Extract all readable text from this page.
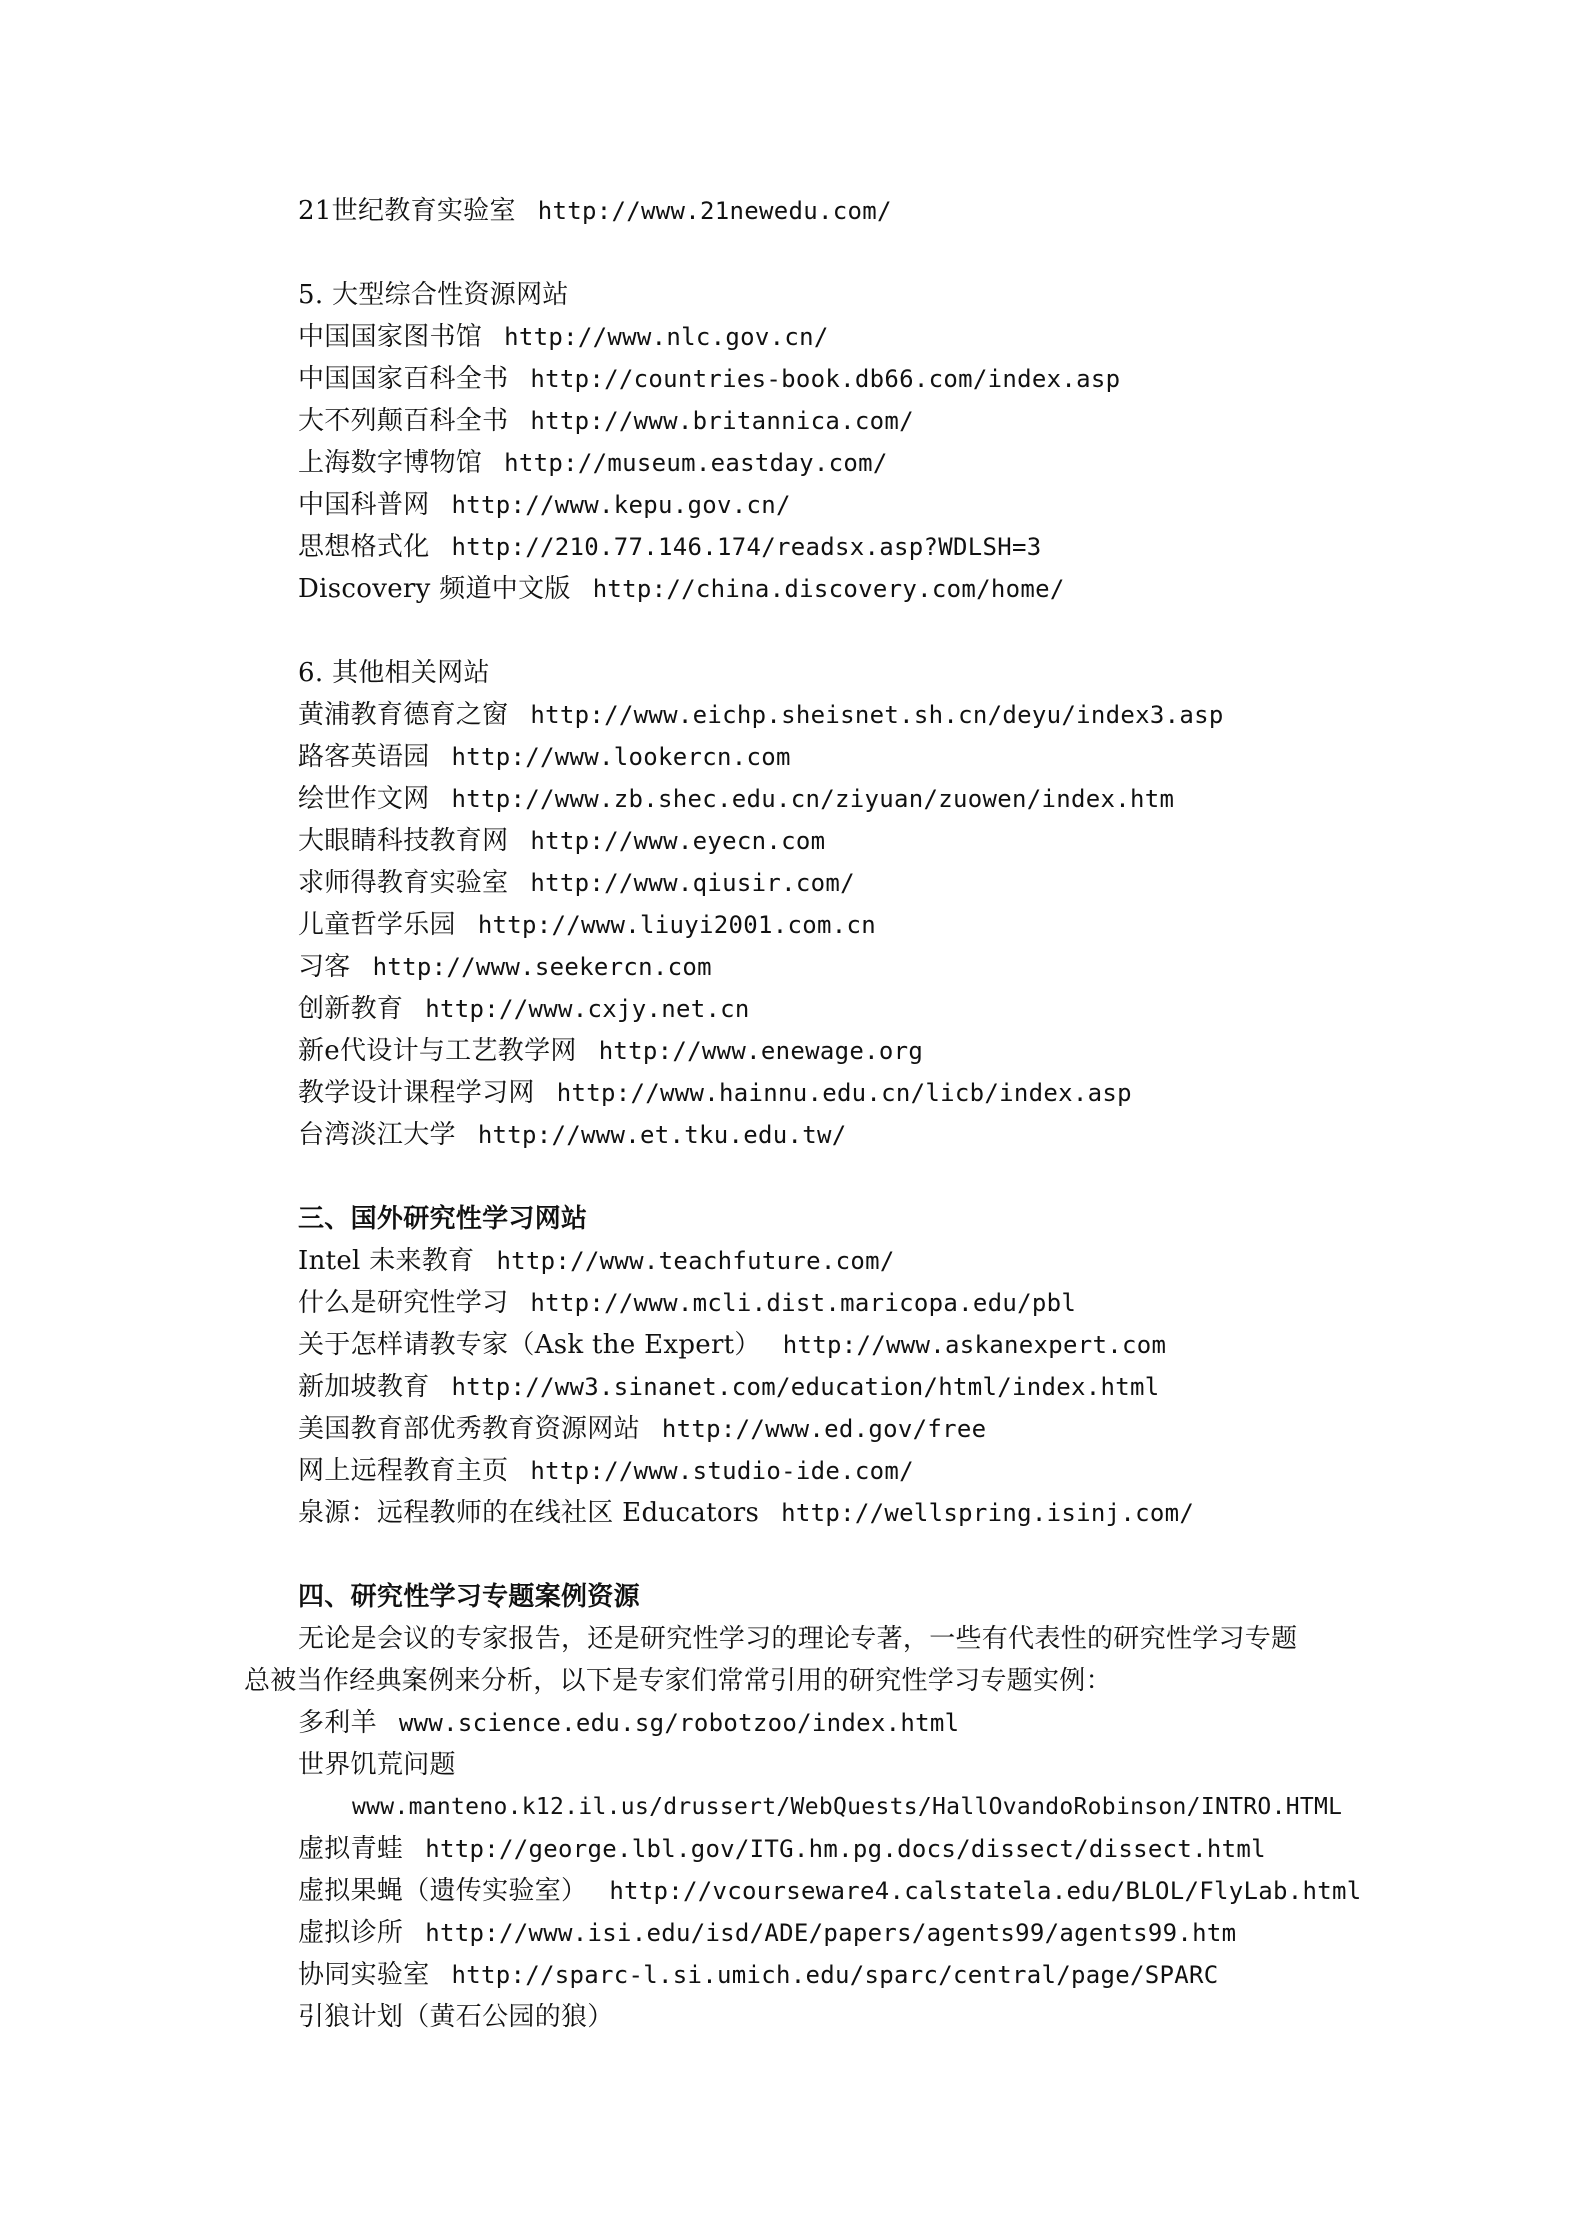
21世纪教育实验室 http://www.21newedu.com/
5. 大型综合性资源网站
中国国家图书馆 http://www.nlc.gov.cn/
中国国家百科全书 http://countries-book.db66.com/index.asp
大不列颠百科全书 http://www.britannica.com/
上海数字博物馆 http://museum.eastday.com/
中国科普网 http://www.kepu.gov.cn/
思想格式化 http://210.77.146.174/readsx.asp?WDLSH=3
Discovery 频道中文版 http://china.discovery.com/home/
6. 其他相关网站
黄浦教育德育之窗 http://www.eichp.sheisnet.sh.cn/deyu/index3.asp
路客英语园 http://www.lookercn.com
绘世作文网 http://www.zb.shec.edu.cn/ziyuan/zuowen/index.htm
大眼睛科技教育网 http://www.eyecn.com
求师得教育实验室 http://www.qiusir.com/
儿童哲学乐园 http://www.liuyi2001.com.cn
习客 http://www.seekercn.com
创新教育 http://www.cxjy.net.cn
新e代设计与工艺教学网 http://www.enewage.org
教学设计课程学习网 http://www.hainnu.edu.cn/licb/index.asp
台湾淡江大学 http://www.et.tku.edu.tw/
三、国外研究性学习网站
Intel 未来教育 http://www.teachfuture.com/
什么是研究性学习 http://www.mcli.dist.maricopa.edu/pbl
关于怎样请教专家（Ask the Expert） http://www.askanexpert.com
新加坡教育 http://ww3.sinanet.com/education/html/index.html
美国教育部优秀教育资源网站 http://www.ed.gov/free
网上远程教育主页 http://www.studio-ide.com/
泉源：远程教师的在线社区 Educators http://wellspring.isinj.com/
四、研究性学习专题案例资源
无论是会议的专家报告，还是研究性学习的理论专著，一些有代表性的研究性学习专题
总被当作经典案例来分析，以下是专家们常常引用的研究性学习专题实例：
多利羊 www.science.edu.sg/robotzoo/index.html
世界饥荒问题
www.manteno.k12.il.us/drussert/WebQuests/HallOvandoRobinson/INTRO.HTML
虚拟青蛙 http://george.lbl.gov/ITG.hm.pg.docs/dissect/dissect.html
虚拟果蝇（遗传实验室） http://vcourseware4.calstatela.edu/BLOL/FlyLab.html
虚拟诊所 http://www.isi.edu/isd/ADE/papers/agents99/agents99.htm
协同实验室 http://sparc-l.si.umich.edu/sparc/central/page/SPARC
引狼计划（黄石公园的狼）
